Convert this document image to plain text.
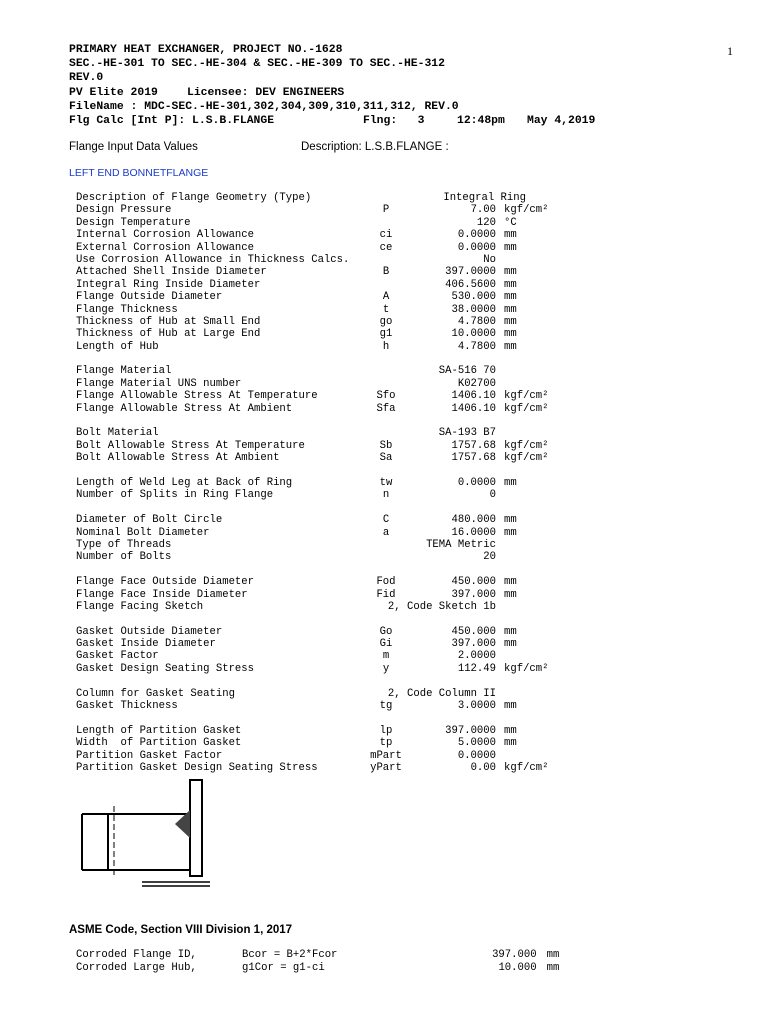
1
PRIMARY HEAT EXCHANGER, PROJECT NO.-1628
SEC.-HE-301 TO SEC.-HE-304 & SEC.-HE-309 TO SEC.-HE-312
REV.0
PV Elite 2019	Licensee: DEV ENGINEERS
FileName : MDC-SEC.-HE-301,302,304,309,310,311,312, REV.0
Flg Calc [Int P]: L.S.B.FLANGE	Flng:   3	12:48pm	May 4,2019
Flange Input Data Values	Description: L.S.B.FLANGE :
LEFT END BONNETFLANGE
Description of Flange Geometry (Type)	Integral Ring
Design Pressure	P	7.00 kgf/cm²
Design Temperature	120 °C
Internal Corrosion Allowance	ci	0.0000 mm
External Corrosion Allowance	ce	0.0000 mm
Use Corrosion Allowance in Thickness Calcs.	No
Attached Shell Inside Diameter	B	397.0000 mm
Integral Ring Inside Diameter	406.5600 mm
Flange Outside Diameter	A	530.000 mm
Flange Thickness	t	38.0000 mm
Thickness of Hub at Small End	go	4.7800 mm
Thickness of Hub at Large End	g1	10.0000 mm
Length of Hub	h	4.7800 mm
Flange Material	SA-516 70
Flange Material UNS number	K02700
Flange Allowable Stress At Temperature	Sfo	1406.10 kgf/cm²
Flange Allowable Stress At Ambient	Sfa	1406.10 kgf/cm²
Bolt Material	SA-193 B7
Bolt Allowable Stress At Temperature	Sb	1757.68 kgf/cm²
Bolt Allowable Stress At Ambient	Sa	1757.68 kgf/cm²
Length of Weld Leg at Back of Ring	tw	0.0000 mm
Number of Splits in Ring Flange	n	0
Diameter of Bolt Circle	C	480.000 mm
Nominal Bolt Diameter	a	16.0000 mm
Type of Threads	TEMA Metric
Number of Bolts	20
Flange Face Outside Diameter	Fod	450.000 mm
Flange Face Inside Diameter	Fid	397.000 mm
Flange Facing Sketch	2, Code Sketch 1b
Gasket Outside Diameter	Go	450.000 mm
Gasket Inside Diameter	Gi	397.000 mm
Gasket Factor	m	2.0000
Gasket Design Seating Stress	y	112.49 kgf/cm²
Column for Gasket Seating	2, Code Column II
Gasket Thickness	tg	3.0000 mm
Length of Partition Gasket	lp	397.0000 mm
Width  of Partition Gasket	tp	5.0000 mm
Partition Gasket Factor	mPart	0.0000
Partition Gasket Design Seating Stress	yPart	0.00 kgf/cm²
ASME Code, Section VIII Division 1, 2017
Corroded Flange ID,	Bcor = B+2*Fcor	397.000 mm
Corroded Large Hub,	g1Cor = g1-ci	10.000 mm
